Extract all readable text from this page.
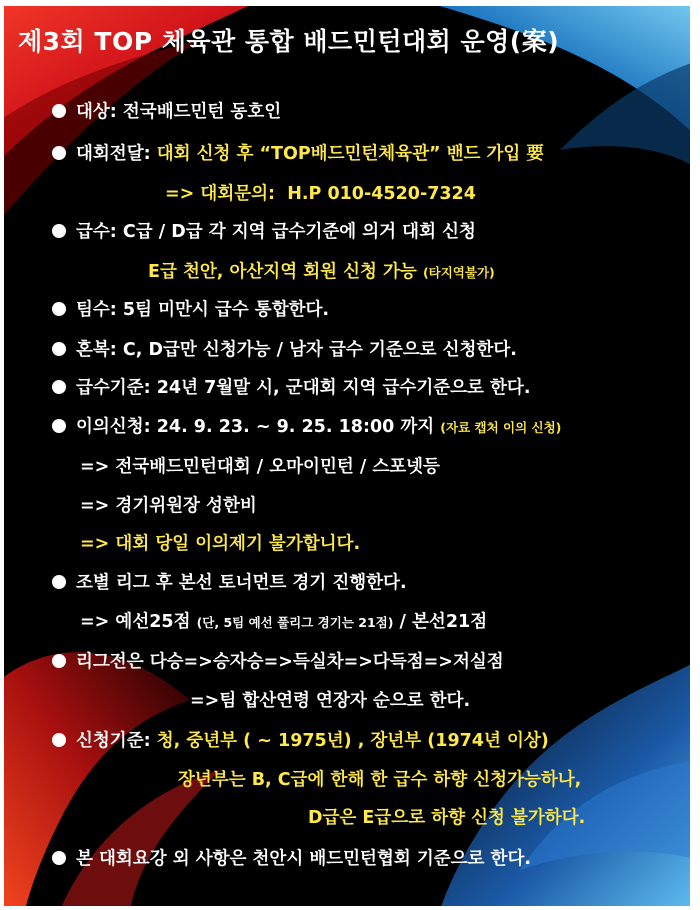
제3회 TOP 체육관 통합 배드민턴대회 운영(案)
대상: 전국배드민턴 동호인
대회전달: 대회 신청 후 “TOP배드민턴체육관” 밴드 가입 要
=> 대회문의: H.P 010-4520-7324
급수: C급 / D급 각 지역 급수기준에 의거 대회 신청
E급 천안, 아산지역 회원 신청 가능 (타지역불가)
팀수: 5팀 미만시 급수 통합한다.
혼복: C, D급만 신청가능 / 남자 급수 기준으로 신청한다.
급수기준: 24년 7월말 시, 군대회 지역 급수기준으로 한다.
이의신청: 24. 9. 23. ~ 9. 25. 18:00 까지 (자료 캡처 이의 신청)
=> 전국배드민턴대회 / 오마이민턴 / 스포넷등
=> 경기위원장 성한비
=> 대회 당일 이의제기 불가합니다.
조별 리그 후 본선 토너먼트 경기 진행한다.
=> 예선25점 (단, 5팀 예선 풀리그 경기는 21점) / 본선21점
리그전은 다승=>승자승=>득실차=>다득점=>저실점
=>팀 합산연령 연장자 순으로 한다.
신청기준: 청, 중년부 ( ~ 1975년) , 장년부 (1974년 이상)
장년부는 B, C급에 한해 한 급수 하향 신청가능하나,
D급은 E급으로 하향 신청 불가하다.
본 대회요강 외 사항은 천안시 배드민턴협회 기준으로 한다.
